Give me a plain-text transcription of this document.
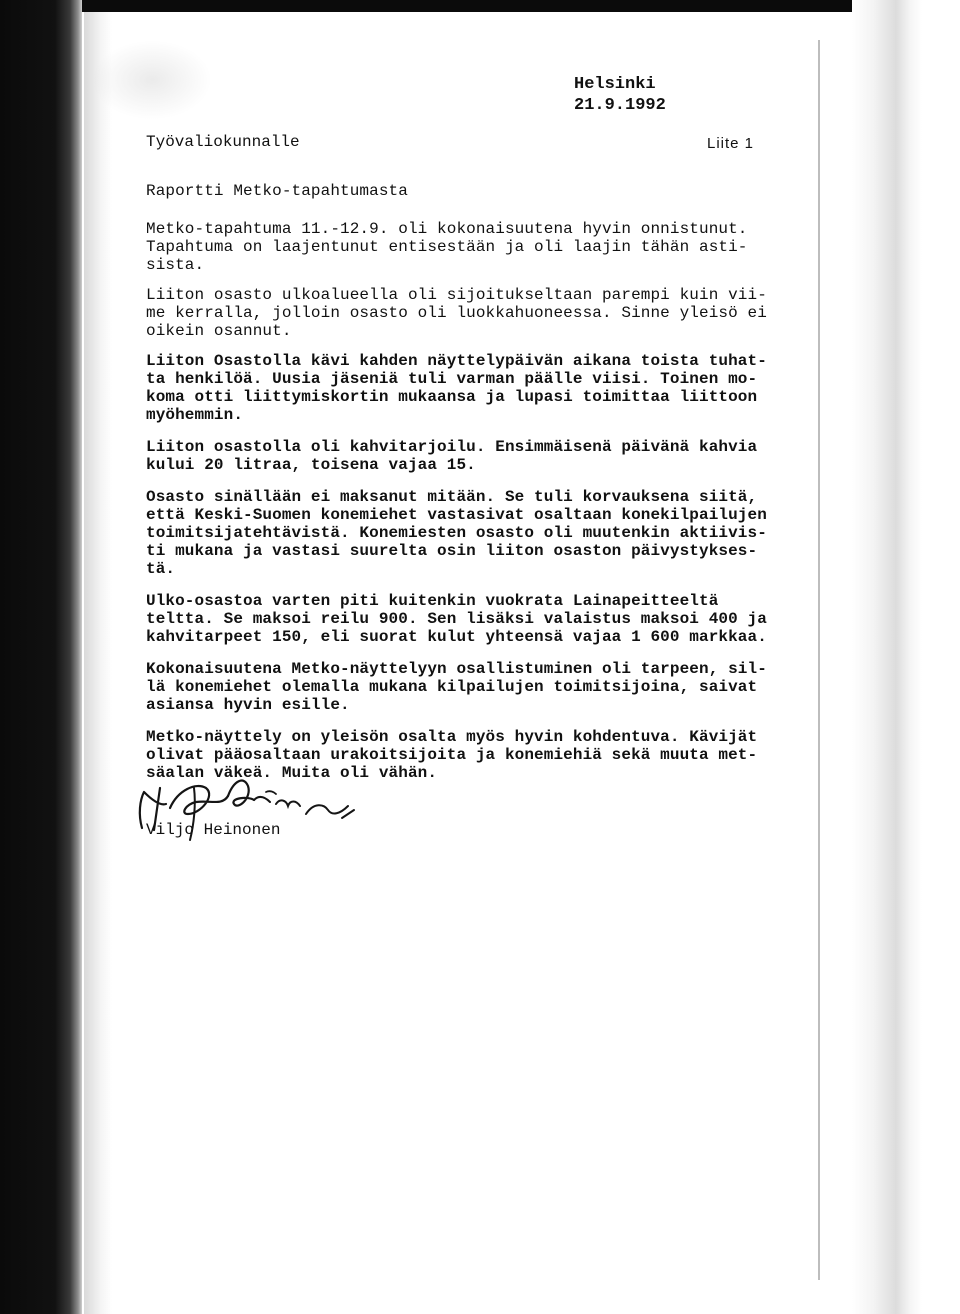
Helsinki
21.9.1992
Työvaliokunnalle	Liite 1
Raportti Metko-tapahtumasta
Metko-tapahtuma 11.-12.9. oli kokonaisuutena hyvin onnistunut.
Tapahtuma on laajentunut entisestään ja oli laajin tähän asti-
sista.
Liiton osasto ulkoalueella oli sijoitukseltaan parempi kuin vii-
me kerralla, jolloin osasto oli luokkahuoneessa. Sinne yleisö ei
oikein osannut.
Liiton Osastolla kävi kahden näyttelypäivän aikana toista tuhat-
ta henkilöä. Uusia jäseniä tuli varman päälle viisi. Toinen mo-
koma otti liittymiskortin mukaansa ja lupasi toimittaa liittoon
myöhemmin.
Liiton osastolla oli kahvitarjoilu. Ensimmäisenä päivänä kahvia
kului 20 litraa, toisena vajaa 15.
Osasto sinällään ei maksanut mitään. Se tuli korvauksena siitä,
että Keski-Suomen konemiehet vastasivat osaltaan konekilpailujen
toimitsijatehtävistä. Konemiesten osasto oli muutenkin aktiivis-
ti mukana ja vastasi suurelta osin liiton osaston päivystykses-
tä.
Ulko-osastoa varten piti kuitenkin vuokrata Lainapeitteeltä
teltta. Se maksoi reilu 900. Sen lisäksi valaistus maksoi 400 ja
kahvitarpeet 150, eli suorat kulut yhteensä vajaa 1 600 markkaa.
Kokonaisuutena Metko-näyttelyyn osallistuminen oli tarpeen, sil-
lä konemiehet olemalla mukana kilpailujen toimitsijoina, saivat
asiansa hyvin esille.
Metko-näyttely on yleisön osalta myös hyvin kohdentuva. Kävijät
olivat pääosaltaan urakoitsijoita ja konemiehiä sekä muuta met-
säalan väkeä. Muita oli vähän.
Viljo Heinonen
